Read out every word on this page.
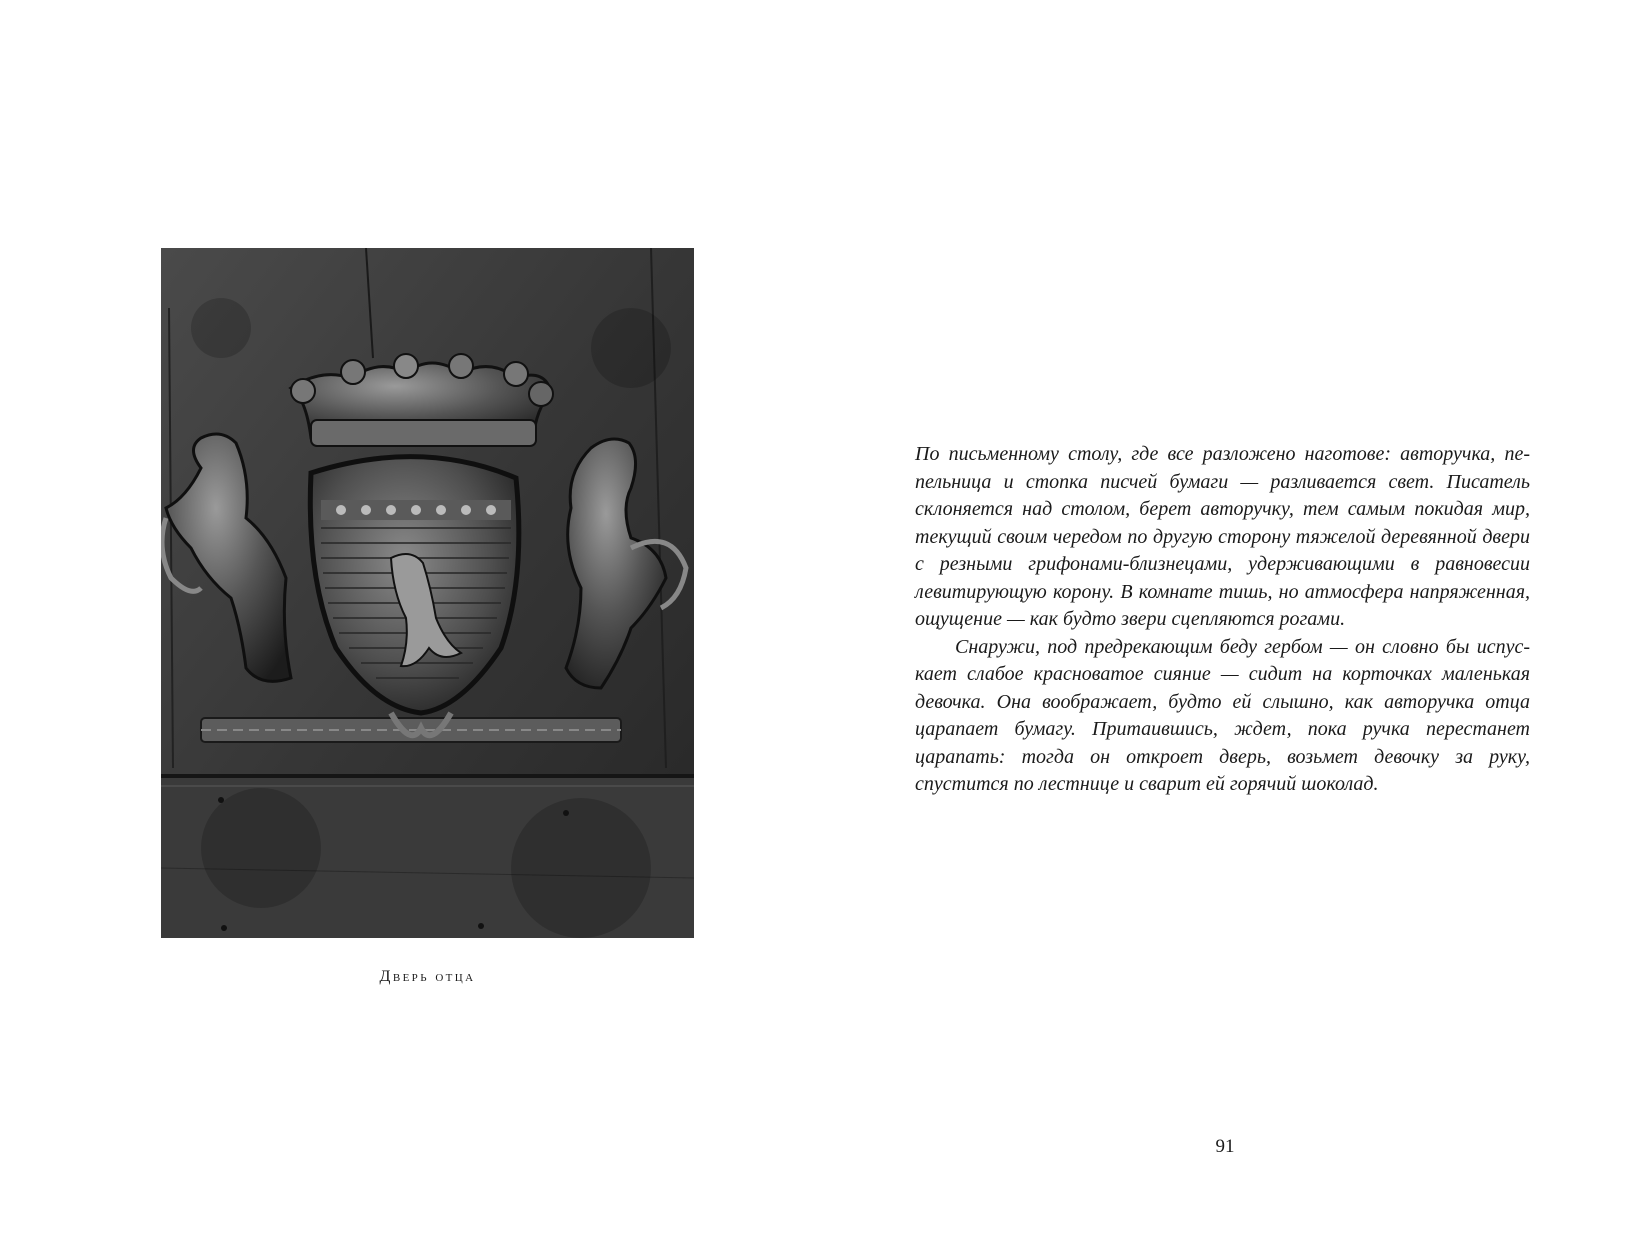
Дверь отца

По письменному столу, где все разложено наготове: авторучка, пепельница и стопка писчей бумаги — разливается свет. Писатель склоняется над столом, берет авторучку, тем самым покидая мир, текущий своим чередом по другую сторону тяжелой деревянной двери с резными грифонами-близнецами, удерживающими в равновесии левитирующую корону. В комнате тишь, но атмосфера напряженная, ощущение — как будто звери сцепляются рогами.

Снаружи, под предрекающим беду гербом — он словно бы испускает слабое красноватое сияние — сидит на корточках маленькая девочка. Она воображает, будто ей слышно, как авторучка отца царапает бумагу. Притаившись, ждет, пока ручка перестанет царапать: тогда он откроет дверь, возьмет девочку за руку, спустится по лестнице и сварит ей горячий шоколад.

91
